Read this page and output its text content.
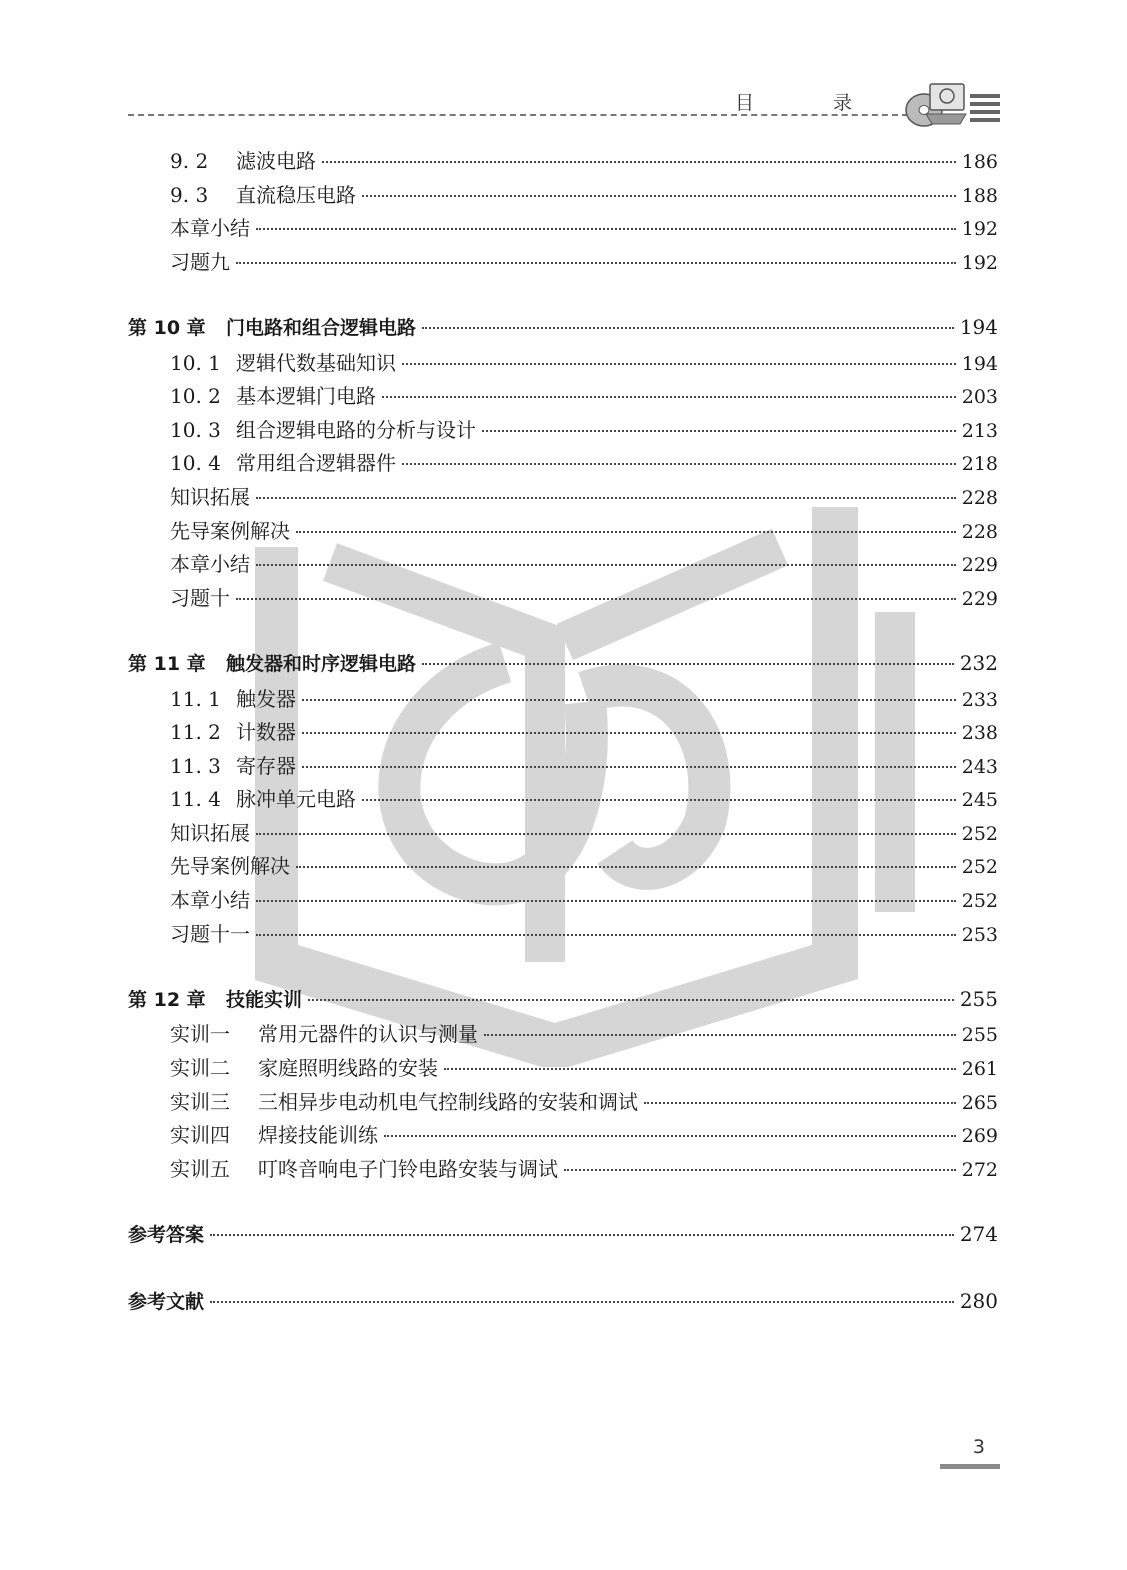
目　录
9. 2	滤波电路	186
9. 3	直流稳压电路	188
本章小结	192
习题九	192
第 10 章	门电路和组合逻辑电路	194
10. 1 逻辑代数基础知识	194
10. 2 基本逻辑门电路	203
10. 3 组合逻辑电路的分析与设计	213
10. 4 常用组合逻辑器件	218
知识拓展	228
先导案例解决	228
本章小结	229
习题十	229
第 11 章	触发器和时序逻辑电路	232
11. 1 触发器	233
11. 2 计数器	238
11. 3 寄存器	243
11. 4 脉冲单元电路	245
知识拓展	252
先导案例解决	252
本章小结	252
习题十一	253
第 12 章	技能实训	255
实训一	常用元器件的认识与测量	255
实训二	家庭照明线路的安装	261
实训三	三相异步电动机电气控制线路的安装和调试	265
实训四	焊接技能训练	269
实训五	叮咚音响电子门铃电路安装与调试	272
参考答案	274
参考文献	280
3
